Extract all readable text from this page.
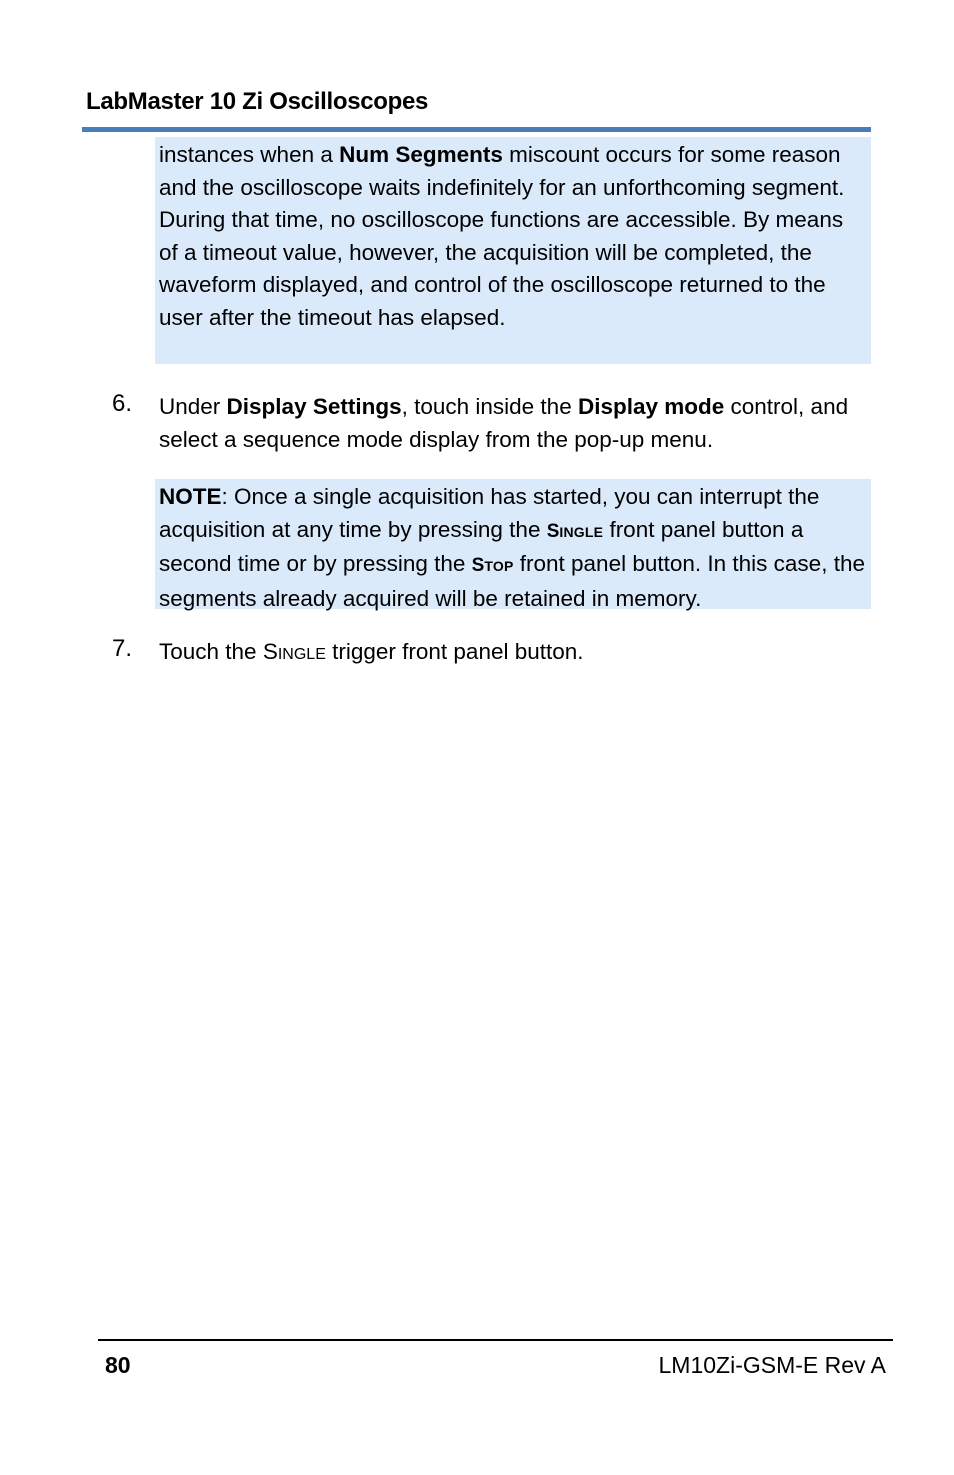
LabMaster 10 Zi Oscilloscopes
instances when a Num Segments miscount occurs for some reason and the oscilloscope waits indefinitely for an unforthcoming segment. During that time, no oscilloscope functions are accessible. By means of a timeout value, however, the acquisition will be completed, the waveform displayed, and control of the oscilloscope returned to the user after the timeout has elapsed.
6. Under Display Settings, touch inside the Display mode control, and select a sequence mode display from the pop-up menu.
NOTE: Once a single acquisition has started, you can interrupt the acquisition at any time by pressing the SINGLE front panel button a second time or by pressing the STOP front panel button. In this case, the segments already acquired will be retained in memory.
7. Touch the SINGLE trigger front panel button.
80	LM10Zi-GSM-E Rev A
